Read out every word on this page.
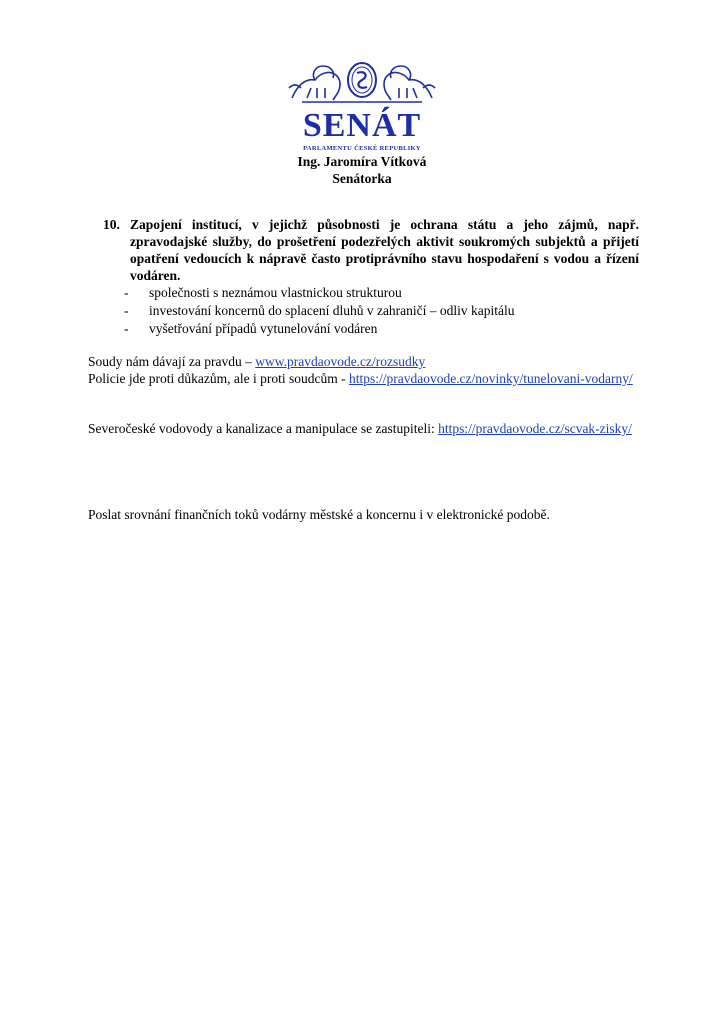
SENÁT
PARLAMENTU ČESKÉ REPUBLIKY
Ing. Jaromíra Vítková
Senátorka
10. Zapojení institucí, v jejichž působnosti je ochrana státu a jeho zájmů, např. zpravodajské služby, do prošetření podezřelých aktivit soukromých subjektů a přijetí opatření vedoucích k nápravě často protiprávního stavu hospodaření s vodou a řízení vodáren.
- společnosti s neznámou vlastnickou strukturou
- investování koncernů do splacení dluhů v zahraničí – odliv kapitálu
- vyšetřování případů vytunelování vodáren
Soudy nám dávají za pravdu – www.pravdaovode.cz/rozsudky
Policie jde proti důkazům, ale i proti soudcům - https://pravdaovode.cz/novinky/tunelovani-vodarny/
Severočeské vodovody a kanalizace a manipulace se zastupiteli: https://pravdaovode.cz/scvak-zisky/
Poslat srovnání finančních toků vodárny městské a koncernu i v elektronické podobě.
